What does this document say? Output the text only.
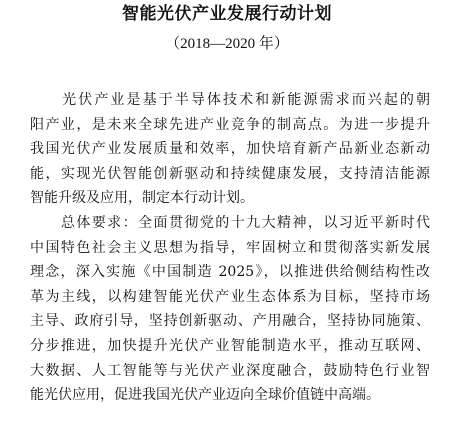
智能光伏产业发展行动计划
（2018—2020 年）
　　光伏产业是基于半导体技术和新能源需求而兴起的朝
阳产业，是未来全球先进产业竞争的制高点。为进一步提升
我国光伏产业发展质量和效率，加快培育新产品新业态新动
能，实现光伏智能创新驱动和持续健康发展，支持清洁能源
智能升级及应用，制定本行动计划。
　　总体要求：全面贯彻党的十九大精神，以习近平新时代
中国特色社会主义思想为指导，牢固树立和贯彻落实新发展
理念，深入实施《中国制造 2025》，以推进供给侧结构性改
革为主线，以构建智能光伏产业生态体系为目标，坚持市场
主导、政府引导，坚持创新驱动、产用融合，坚持协同施策、
分步推进，加快提升光伏产业智能制造水平，推动互联网、
大数据、人工智能等与光伏产业深度融合，鼓励特色行业智
能光伏应用，促进我国光伏产业迈向全球价值链中高端。
